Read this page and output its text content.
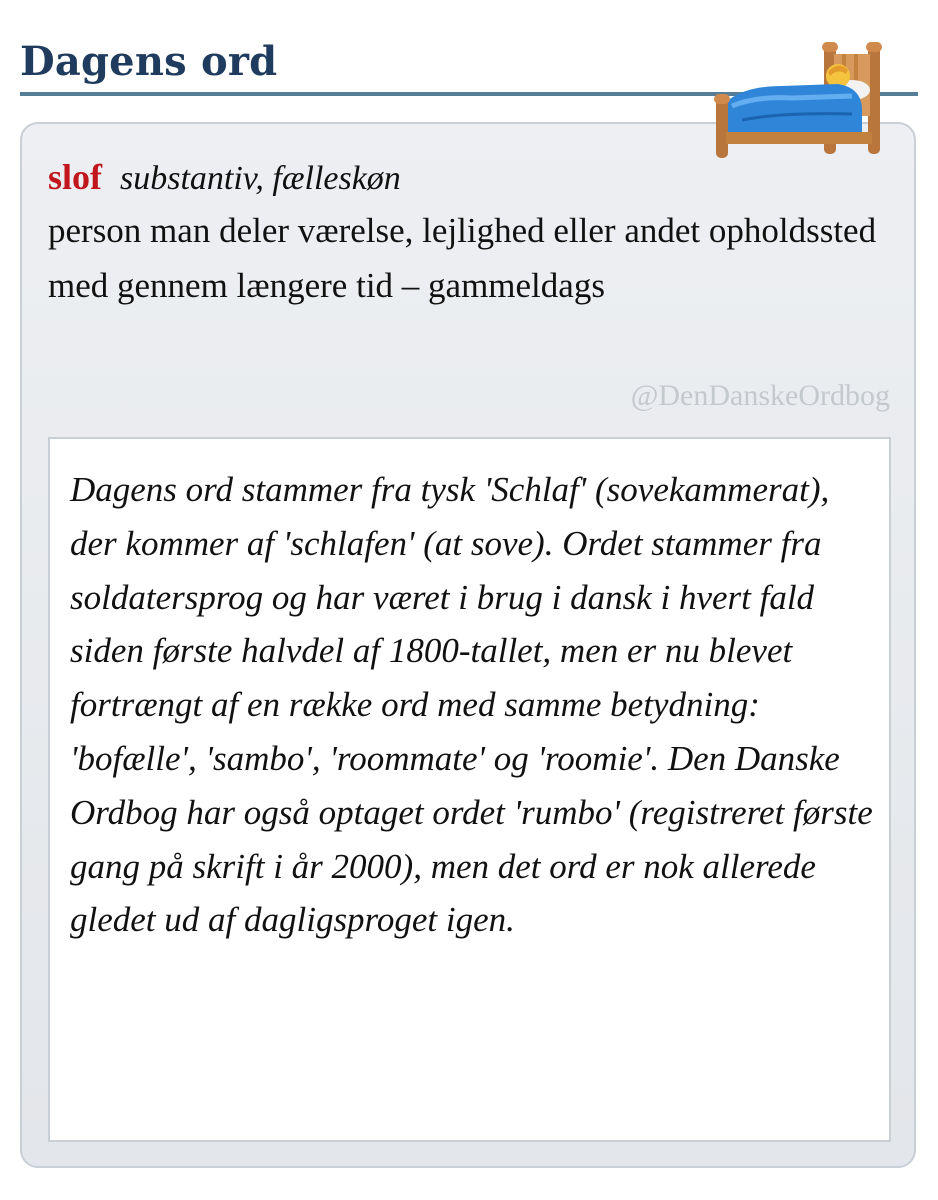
Dagens ord
slof substantiv, fælleskøn

person man deler værelse, lejlighed eller andet opholdssted med gennem længere tid – gammeldags

@DenDanskeOrdbog

Dagens ord stammer fra tysk 'Schlaf' (sovekammerat), der kommer af 'schlafen' (at sove). Ordet stammer fra soldatersprog og har været i brug i dansk i hvert fald siden første halvdel af 1800-tallet, men er nu blevet fortrængt af en række ord med samme betydning: 'bofælle', 'sambo', 'roommate' og 'roomie'. Den Danske Ordbog har også optaget ordet 'rumbo' (registreret første gang på skrift i år 2000), men det ord er nok allerede gledet ud af dagligsproget igen.
